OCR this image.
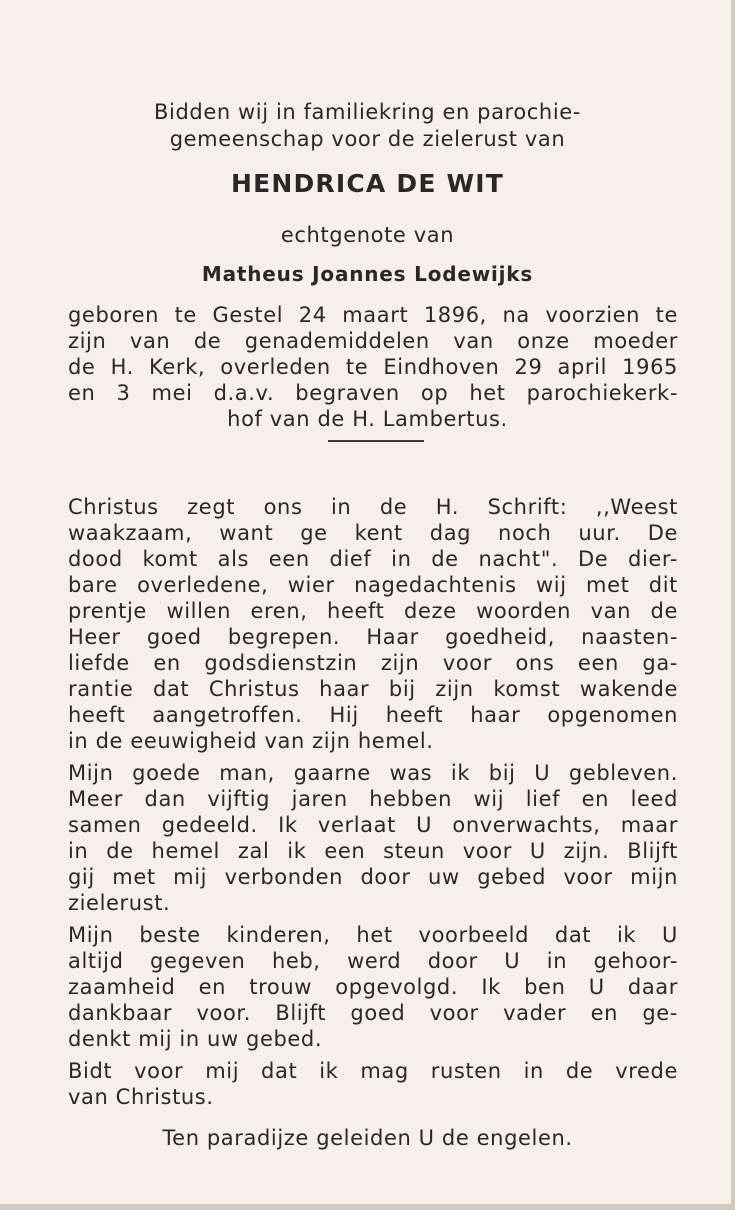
Bidden wij in familiekring en parochie-
gemeenschap voor de zielerust van
HENDRICA DE WIT
echtgenote van
Matheus Joannes Lodewijks
geboren te Gestel 24 maart 1896, na voorzien te
zijn van de genademiddelen van onze moeder
de H. Kerk, overleden te Eindhoven 29 april 1965
en 3 mei d.a.v. begraven op het parochiekerk-
hof van de H. Lambertus.
Christus zegt ons in de H. Schrift: ,,Weest
waakzaam, want ge kent dag noch uur. De
dood komt als een dief in de nacht". De dier-
bare overledene, wier nagedachtenis wij met dit
prentje willen eren, heeft deze woorden van de
Heer goed begrepen. Haar goedheid, naasten-
liefde en godsdienstzin zijn voor ons een ga-
rantie dat Christus haar bij zijn komst wakende
heeft aangetroffen. Hij heeft haar opgenomen
in de eeuwigheid van zijn hemel.
Mijn goede man, gaarne was ik bij U gebleven.
Meer dan vijftig jaren hebben wij lief en leed
samen gedeeld. Ik verlaat U onverwachts, maar
in de hemel zal ik een steun voor U zijn. Blijft
gij met mij verbonden door uw gebed voor mijn
zielerust.
Mijn beste kinderen, het voorbeeld dat ik U
altijd gegeven heb, werd door U in gehoor-
zaamheid en trouw opgevolgd. Ik ben U daar
dankbaar voor. Blijft goed voor vader en ge-
denkt mij in uw gebed.
Bidt voor mij dat ik mag rusten in de vrede
van Christus.
Ten paradijze geleiden U de engelen.
